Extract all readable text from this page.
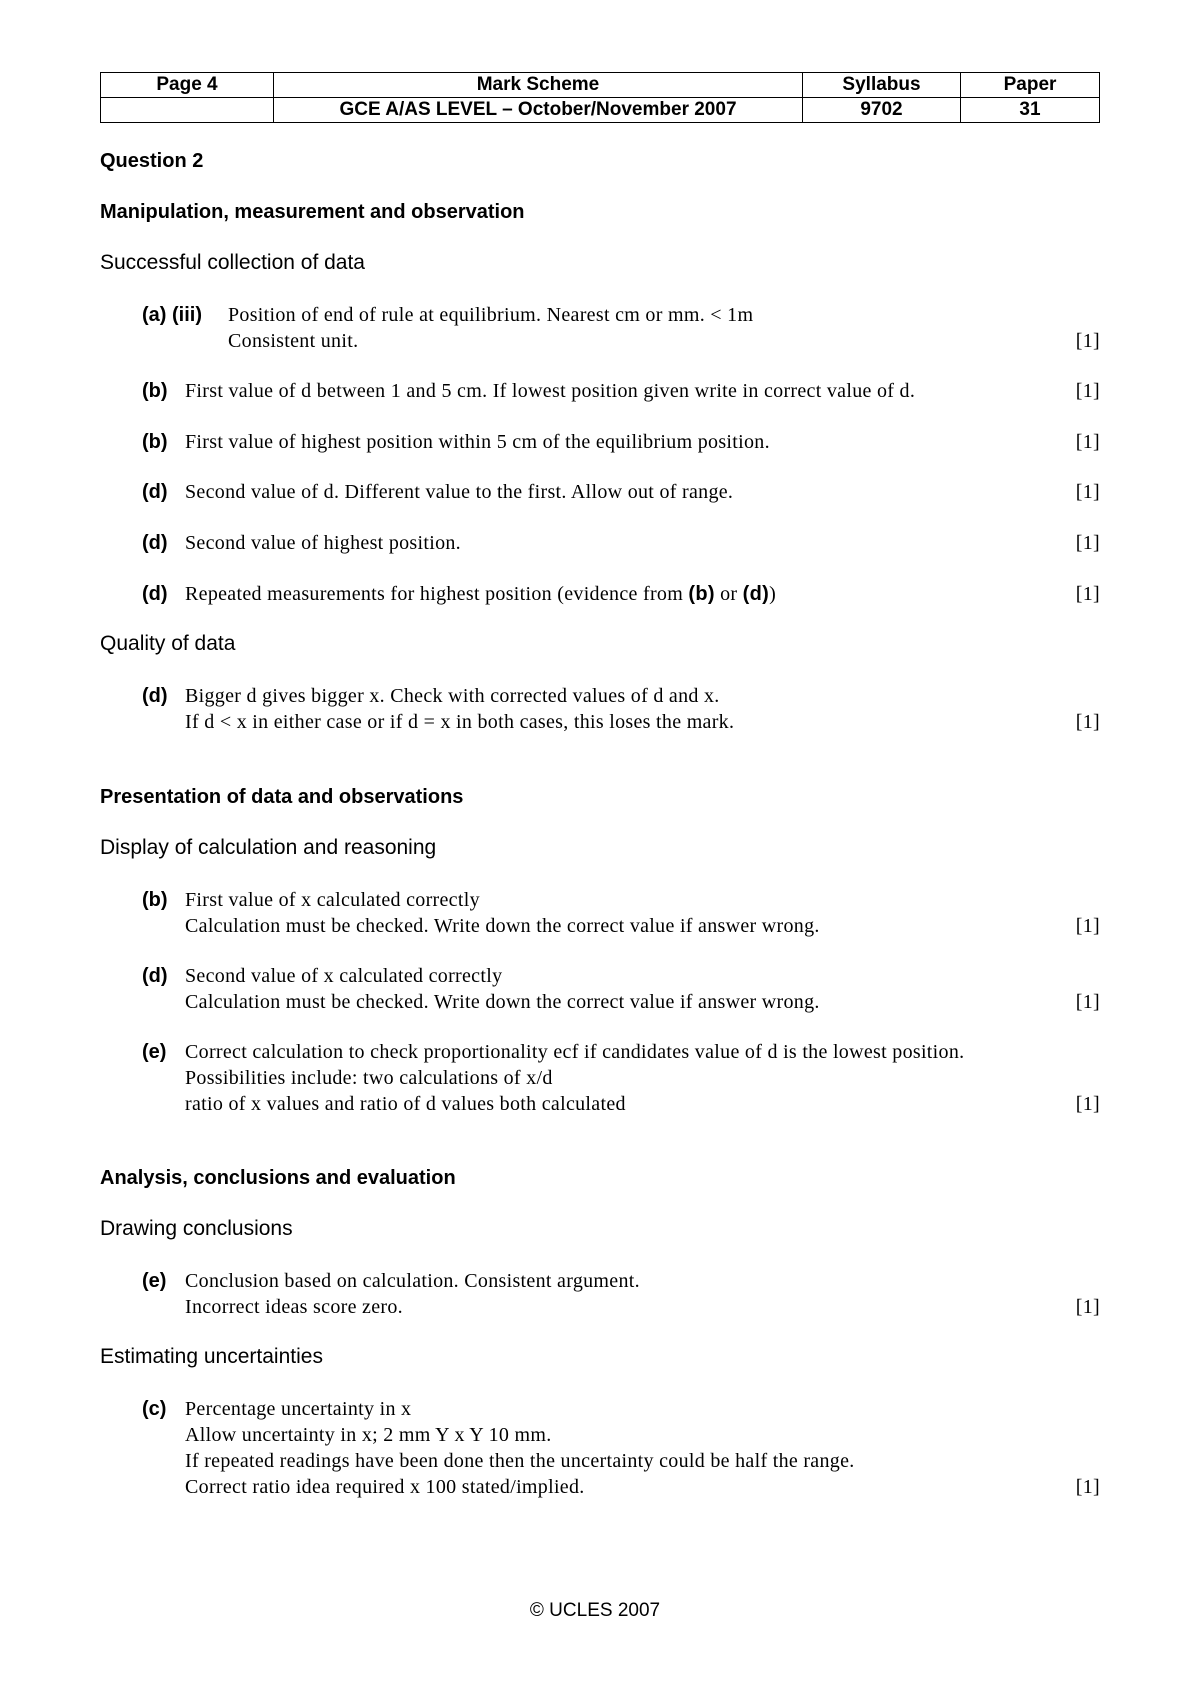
Page 4	Mark Scheme	Syllabus	Paper
	GCE A/AS LEVEL – October/November 2007	9702	31
Question 2
Manipulation, measurement and observation
Successful collection of data
(a) (iii) Position of end of rule at equilibrium. Nearest cm or mm. < 1m
Consistent unit.	[1]
(b) First value of d between 1 and 5 cm. If lowest position given write in correct value of d.	[1]
(b) First value of highest position within 5 cm of the equilibrium position.	[1]
(d) Second value of d. Different value to the first. Allow out of range.	[1]
(d) Second value of highest position.	[1]
(d) Repeated measurements for highest position (evidence from (b) or (d))	[1]
Quality of data
(d) Bigger d gives bigger x. Check with corrected values of d and x.
If d < x in either case or if d = x in both cases, this loses the mark.	[1]
Presentation of data and observations
Display of calculation and reasoning
(b) First value of x calculated correctly
Calculation must be checked. Write down the correct value if answer wrong.	[1]
(d) Second value of x calculated correctly
Calculation must be checked. Write down the correct value if answer wrong.	[1]
(e) Correct calculation to check proportionality ecf if candidates value of d is the lowest position.
Possibilities include: two calculations of x/d
ratio of x values and ratio of d values both calculated	[1]
Analysis, conclusions and evaluation
Drawing conclusions
(e) Conclusion based on calculation. Consistent argument.
Incorrect ideas score zero.	[1]
Estimating uncertainties
(c) Percentage uncertainty in x
Allow uncertainty in x; 2 mm Y x Y 10 mm.
If repeated readings have been done then the uncertainty could be half the range.
Correct ratio idea required x 100 stated/implied.	[1]
© UCLES 2007
